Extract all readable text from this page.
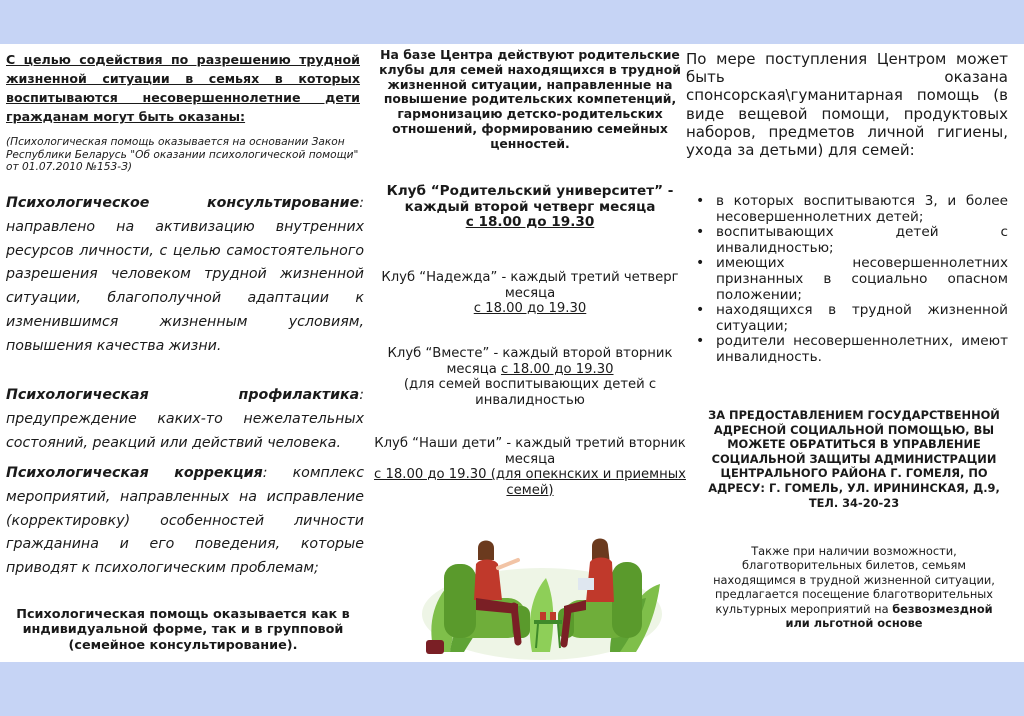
С целью содействия по разрешению трудной жизненной ситуации в семьях в которых воспитываются несовершеннолетние дети гражданам могут быть оказаны:
(Психологическая помощь оказывается на основании Закон Республики Беларусь "Об оказании психологической помощи" от 01.07.2010 №153-З)
Психологическое консультирование: направлено на активизацию внутренних ресурсов личности, с целью самостоятельного разрешения человеком трудной жизненной ситуации, благополучной адаптации к изменившимся жизненным условиям, повышения качества жизни.
Психологическая профилактика: предупреждение каких-то нежелательных состояний, реакций или действий человека.
Психологическая коррекция: комплекс мероприятий, направленных на исправление (корректировку) особенностей личности гражданина и его поведения, которые приводят к психологическим проблемам;
Психологическая помощь оказывается как в индивидуальной форме, так и в групповой (семейное консультирование).
На базе Центра действуют родительские клубы для семей находящихся в трудной жизненной ситуации, направленные на повышение родительских компетенций, гармонизацию детско-родительских отношений, формированию семейных ценностей.
Клуб “Родительский университет” - каждый второй четверг месяца
с 18.00 до 19.30
Клуб “Надежда” - каждый третий четверг месяца
с 18.00 до 19.30
Клуб “Вместе” - каждый второй вторник месяца с 18.00 до 19.30
(для семей воспитывающих детей с инвалидностью
Клуб “Наши дети” - каждый третий вторник месяца
с 18.00 до 19.30 (для опекнских и приемных семей)
По мере поступления Центром может быть оказана спонсорская\гуманитарная помощь (в виде вещевой помощи, продуктовых наборов, предметов личной гигиены, ухода за детьми) для семей:
• в которых воспитываются 3, и более несовершеннолетних детей;
• воспитывающих детей с инвалидностью;
• имеющих несовершеннолетних признанных в социально опасном положении;
• находящихся в трудной жизненной ситуации;
• родители несовершеннолетних, имеют инвалидность.
ЗА ПРЕДОСТАВЛЕНИЕМ ГОСУДАРСТВЕННОЙ АДРЕСНОЙ СОЦИАЛЬНОЙ ПОМОЩЬЮ, ВЫ МОЖЕТЕ ОБРАТИТЬСЯ В УПРАВЛЕНИЕ СОЦИАЛЬНОЙ ЗАЩИТЫ АДМИНИСТРАЦИИ ЦЕНТРАЛЬНОГО РАЙОНА Г. ГОМЕЛЯ, ПО АДРЕСУ: Г. ГОМЕЛЬ, УЛ. ИРИНИНСКАЯ, Д.9, ТЕЛ. 34-20-23
Также при наличии возможности, благотворительных билетов, семьям находящимся в трудной жизненной ситуации, предлагается посещение благотворительных культурных мероприятий на безвозмездной или льготной основе
